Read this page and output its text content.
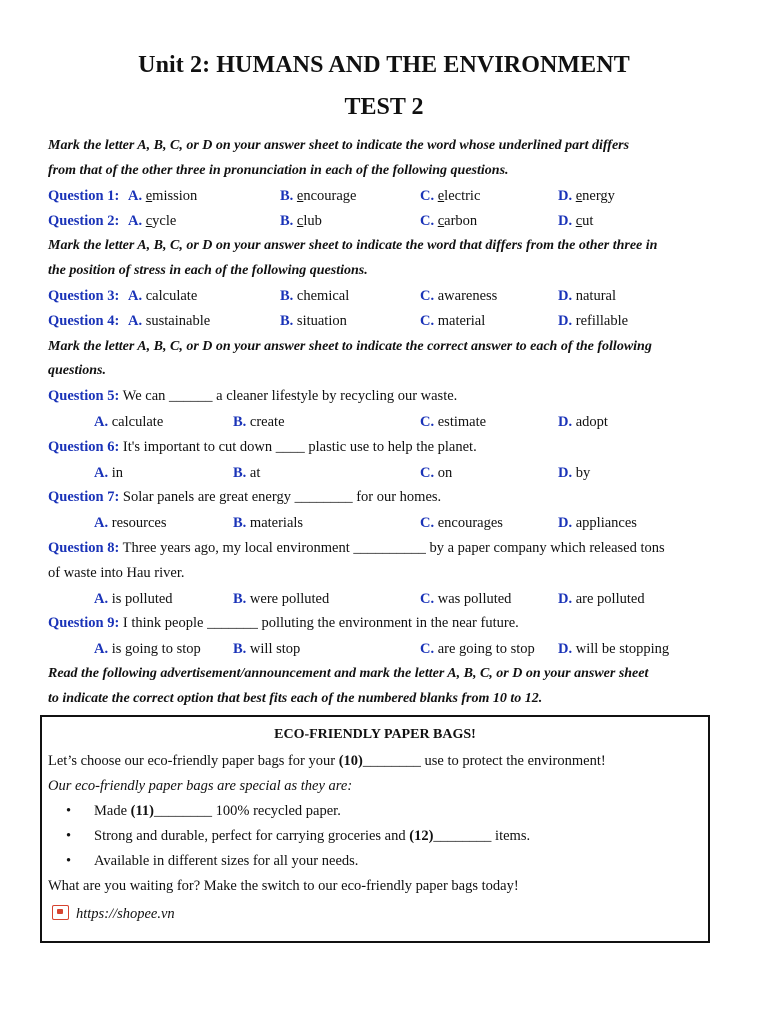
Unit 2: HUMANS AND THE ENVIRONMENT
TEST 2
Mark the letter A, B, C, or D on your answer sheet to indicate the word whose underlined part differs
from that of the other three in pronunciation in each of the following questions.
Question 1: A. emission	B. encourage	C. electric	D. energy
Question 2: A. cycle	B. club	C. carbon	D. cut
Mark the letter A, B, C, or D on your answer sheet to indicate the word that differs from the other three in
the position of stress in each of the following questions.
Question 3: A. calculate	B. chemical	C. awareness	D. natural
Question 4: A. sustainable	B. situation	C. material	D. refillable
Mark the letter A, B, C, or D on your answer sheet to indicate the correct answer to each of the following
questions.
Question 5: We can ______ a cleaner lifestyle by recycling our waste.
A. calculate	B. create	C. estimate	D. adopt
Question 6: It's important to cut down ____ plastic use to help the planet.
A. in	B. at	C. on	D. by
Question 7: Solar panels are great energy ________ for our homes.
A. resources	B. materials	C. encourages	D. appliances
Question 8: Three years ago, my local environment __________ by a paper company which released tons
of waste into Hau river.
A. is polluted	B. were polluted	C. was polluted	D. are polluted
Question 9: I think people _______ polluting the environment in the near future.
A. is going to stop B. will stop	C. are going to stop D. will be stopping
Read the following advertisement/announcement and mark the letter A, B, C, or D on your answer sheet
to indicate the correct option that best fits each of the numbered blanks from 10 to 12.
ECO-FRIENDLY PAPER BAGS!
Let’s choose our eco-friendly paper bags for your (10)________ use to protect the environment!
Our eco-friendly paper bags are special as they are:
• Made (11)________ 100% recycled paper.
• Strong and durable, perfect for carrying groceries and (12)________ items.
• Available in different sizes for all your needs.
What are you waiting for? Make the switch to our eco-friendly paper bags today!
https://shopee.vn
